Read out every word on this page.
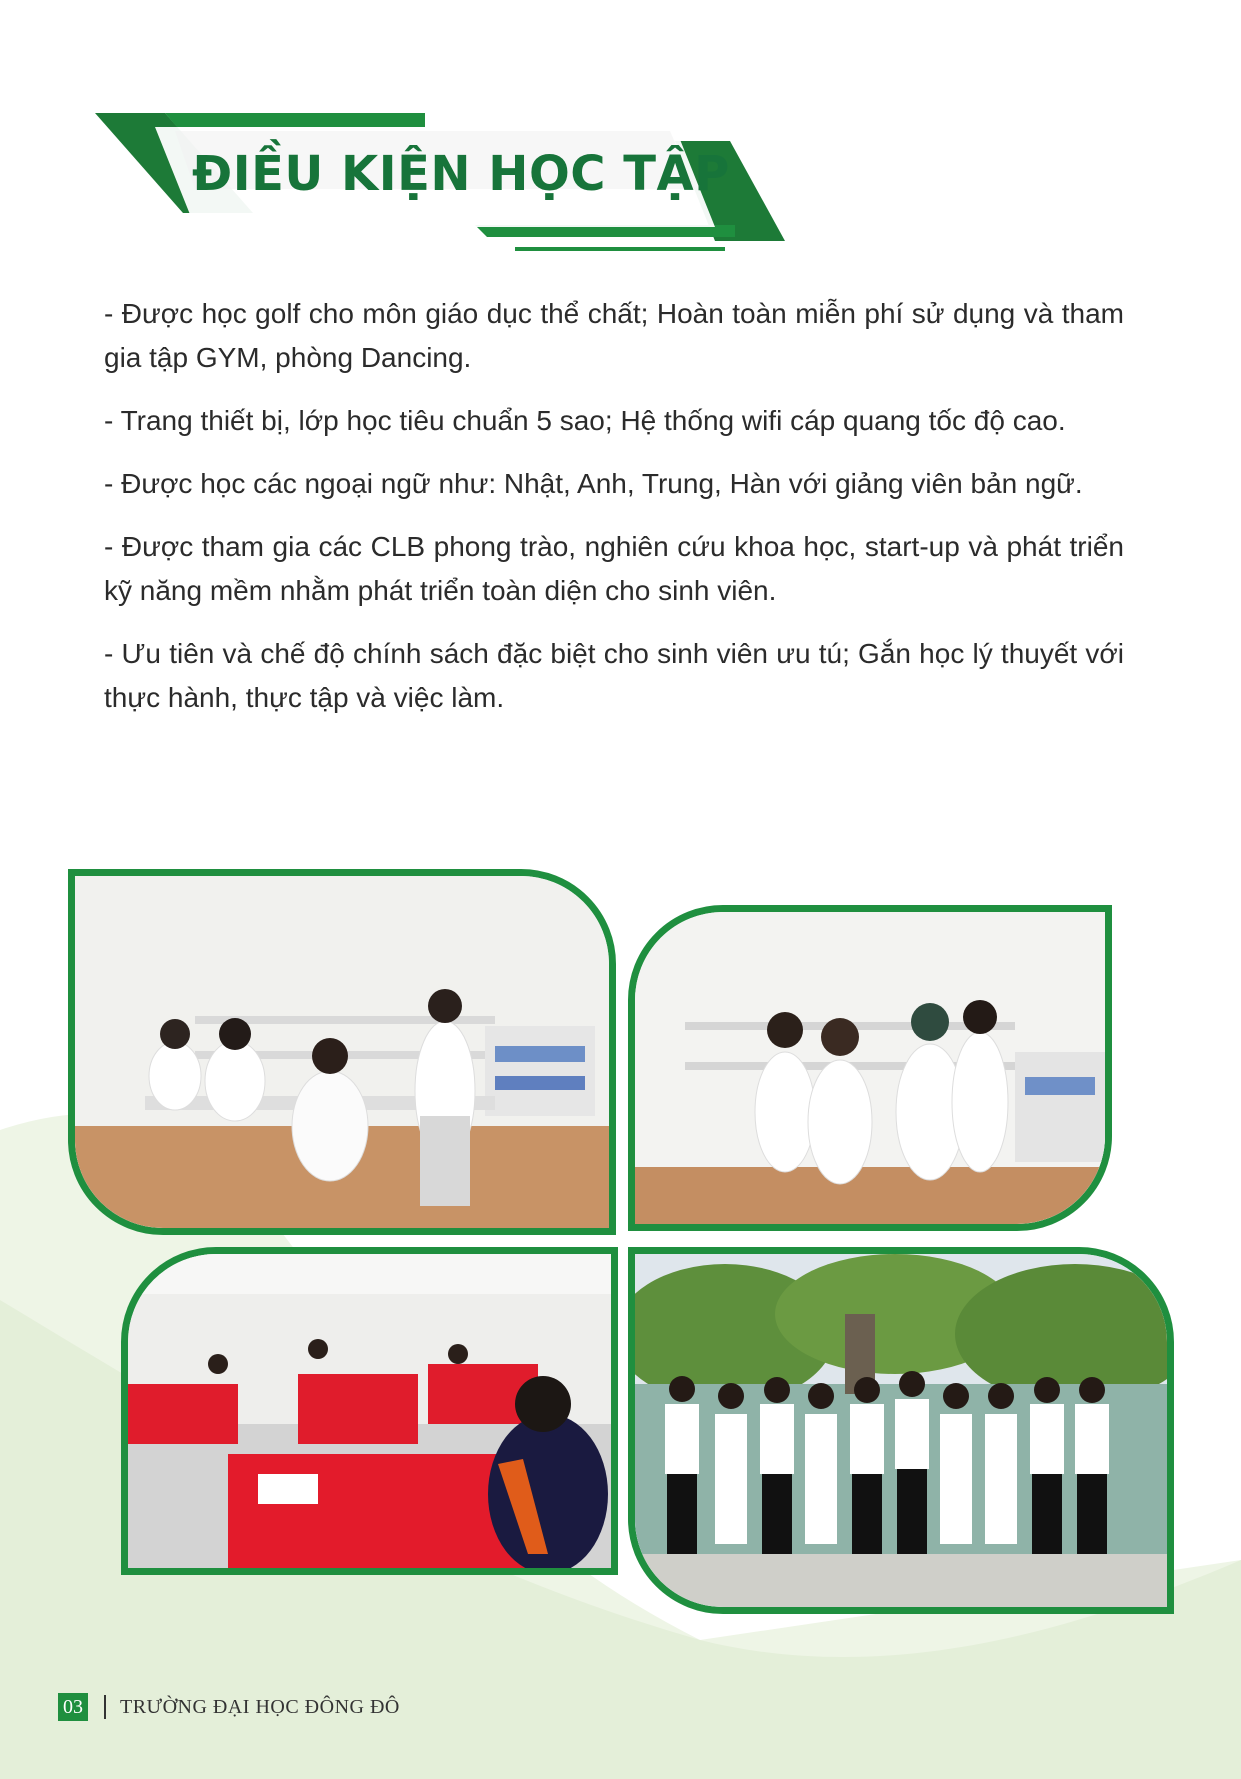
ĐIỀU KIỆN HỌC TẬP

- Được học golf cho môn giáo dục thể chất; Hoàn toàn miễn phí sử dụng và tham gia tập GYM, phòng Dancing.

- Trang thiết bị, lớp học tiêu chuẩn 5 sao; Hệ thống wifi cáp quang tốc độ cao.

- Được học các ngoại ngữ như: Nhật, Anh, Trung, Hàn với giảng viên bản ngữ.

- Được tham gia các CLB phong trào, nghiên cứu khoa học, start-up và phát triển kỹ năng mềm nhằm phát triển toàn diện cho sinh viên.

- Ưu tiên và chế độ chính sách đặc biệt cho sinh viên ưu tú; Gắn học lý thuyết với thực hành, thực tập và việc làm.

03 TRƯỜNG ĐẠI HỌC ĐÔNG ĐÔ
